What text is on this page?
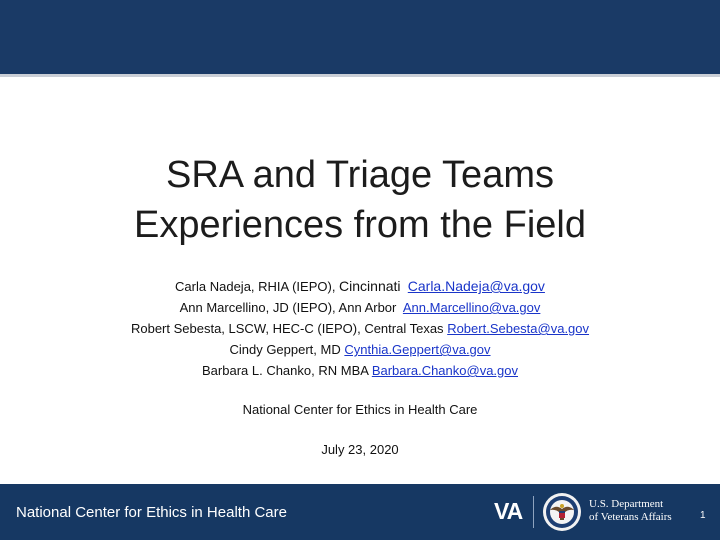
SRA and Triage Teams
Experiences from the Field
Carla Nadeja, RHIA (IEPO), Cincinnati Carla.Nadeja@va.gov
Ann Marcellino, JD (IEPO), Ann Arbor Ann.Marcellino@va.gov
Robert Sebesta, LSCW, HEC-C (IEPO), Central Texas Robert.Sebesta@va.gov
Cindy Geppert, MD Cynthia.Geppert@va.gov
Barbara L. Chanko, RN MBA Barbara.Chanko@va.gov
National Center for Ethics in Health Care
July 23, 2020
National Center for Ethics in Health Care	VA	U.S. Department
of Veterans Affairs	1
